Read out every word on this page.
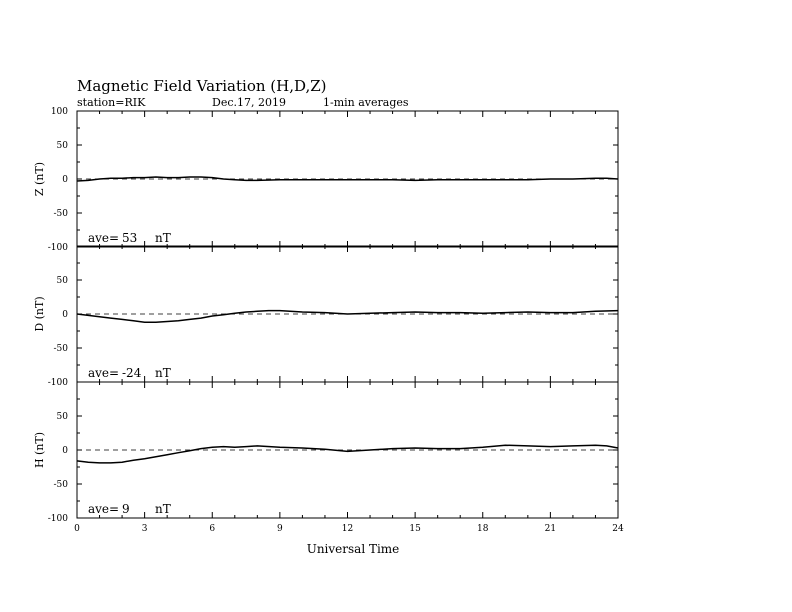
Magnetic Field Variation (H,D,Z)
station=RIK	Dec.17, 2019	1-min averages
100
50
0
-50
-100
Z (nT)
ave= 53 nT
50
0
-50
-100
D (nT)
ave= -24 nT
50
0
-50
-100
H (nT)
ave= 9 nT
0	3	6	9	12	15	18	21	24
Universal Time
